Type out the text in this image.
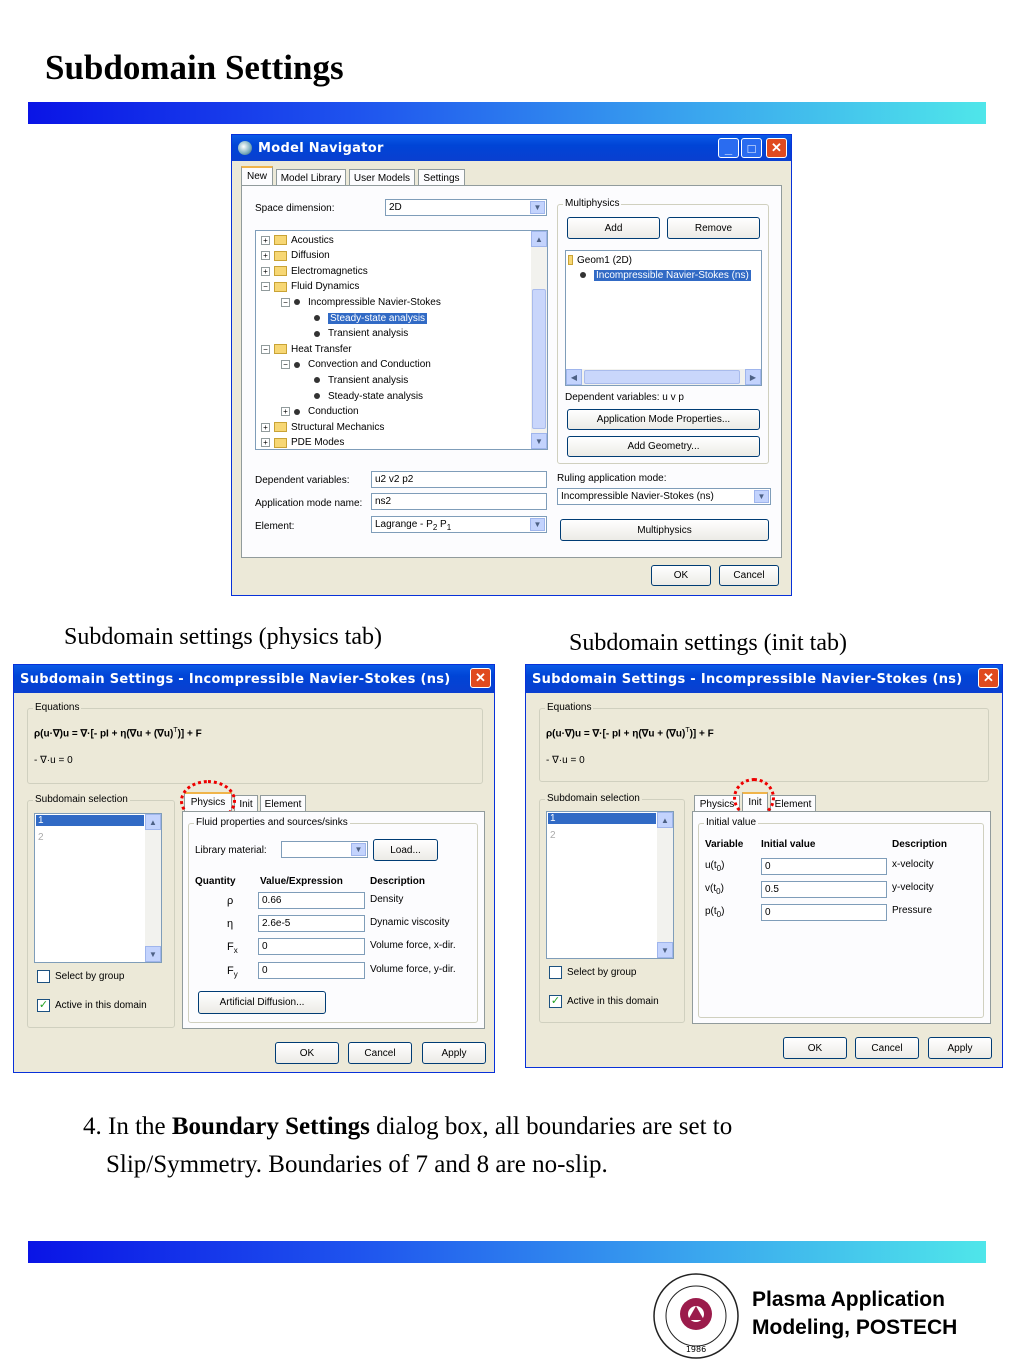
Subdomain Settings
Model Navigator	_	□	✕
New	Model Library	User Models	Settings
Space dimension:	2D	▼
+ Acoustics
+ Diffusion
+ Electromagnetics
− Fluid Dynamics
− Incompressible Navier-Stokes
Steady-state analysis
Transient analysis
− Heat Transfer
− Convection and Conduction
Transient analysis
Steady-state analysis
+ Conduction
+ Structural Mechanics
+ PDE Modes
▲
▼
Multiphysics
Add	Remove
Geom1 (2D)
Incompressible Navier-Stokes (ns)
◀	▶
Dependent variables: u v p
Application Mode Properties...
Add Geometry...
Dependent variables:	u2 v2 p2
Application mode name:	ns2
Element:	Lagrange - $P_2$ $P_1$	▼
Ruling application mode:
Incompressible Navier-Stokes (ns)	▼
Multiphysics
OK	Cancel
Subdomain settings (physics tab)	Subdomain settings (init tab)
Subdomain Settings - Incompressible Navier-Stokes (ns)	✕
Equations
ρ(u·∇)u = ∇·[- pI + $\eta(\nabla u + (\nabla u)^T)] + F$
- ∇·u = 0
Subdomain selection
1
2
▲
▼
Select by group
✓ Active in this domain
Physics	Init	Element
Fluid properties and sources/sinks
Library material:	▼	Load...
Quantity Value/Expression	Description
ρ	0.66	Density
η	2.6e-5	Dynamic viscosity
$F_x$	0	Volume force, x-dir.
$F_y$	0	Volume force, y-dir.
Artificial Diffusion...
OK	Cancel	Apply
Subdomain Settings - Incompressible Navier-Stokes (ns)	✕
Equations
ρ(u·∇)u = ∇·[- pI + $\eta(\nabla u + (\nabla u)^T)] + F$
- ∇·u = 0
Subdomain selection
1
2
▲
▼
Select by group
✓ Active in this domain
Physics	Init	Element
Initial value
Variable Initial value	Description
$u(t_0)$	0	x-velocity
$v(t_0)$	0.5	y-velocity
$p(t_0)$	0	Pressure
OK	Cancel	Apply
4. In the Boundary Settings dialog box, all boundaries are set to
Slip/Symmetry. Boundaries of 7 and 8 are no-slip.
1986
Plasma Application
Modeling, POSTECH
